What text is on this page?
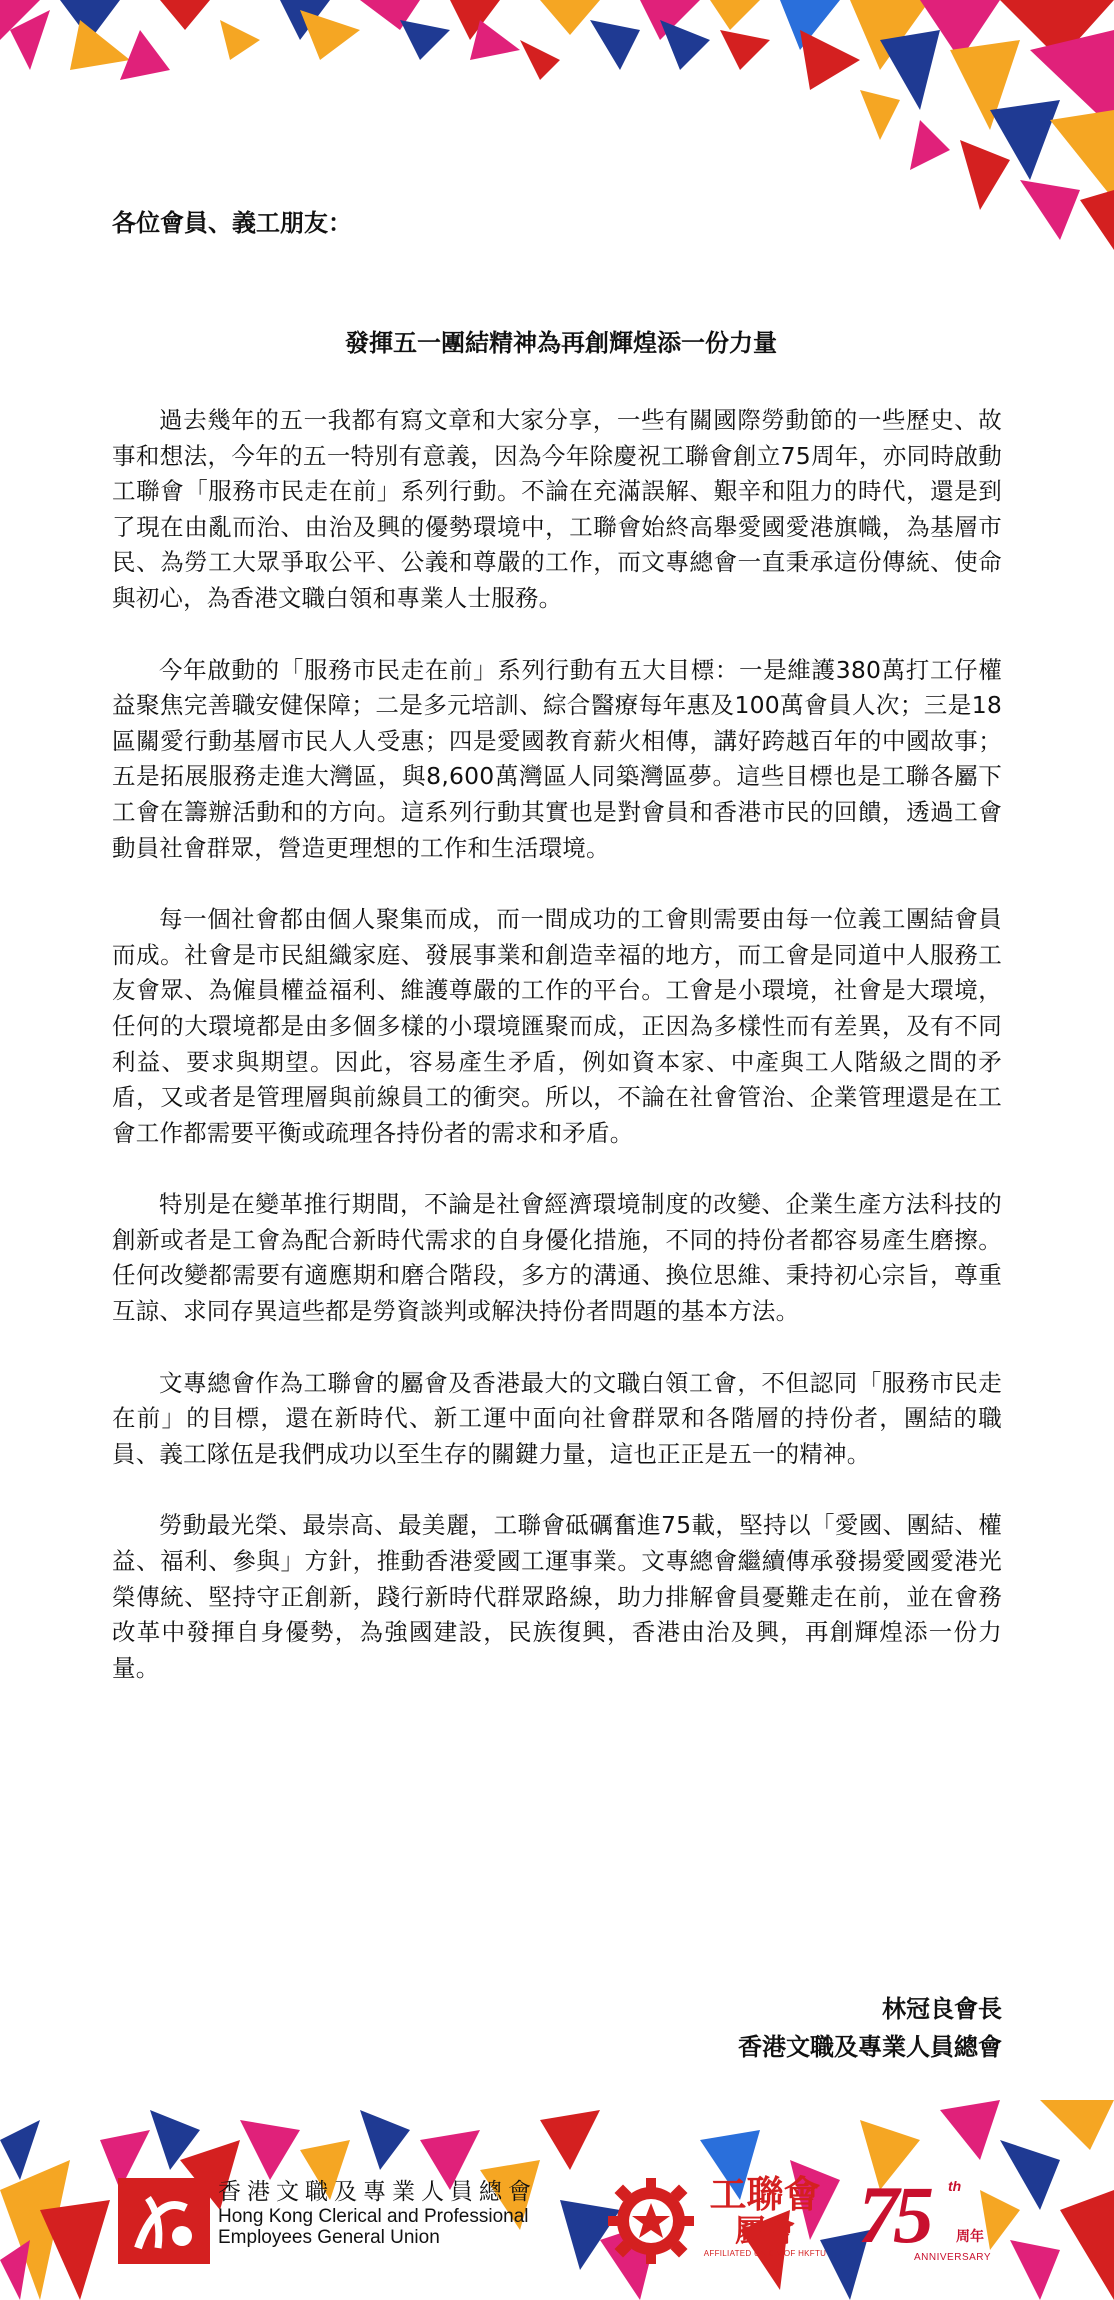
各位會員、義工朋友：

發揮五一團結精神為再創輝煌添一份力量

過去幾年的五一我都有寫文章和大家分享，一些有關國際勞動節的一些歷史、故事和想法，今年的五一特別有意義，因為今年除慶祝工聯會創立75周年，亦同時啟動工聯會「服務市民走在前」系列行動。不論在充滿誤解、艱辛和阻力的時代，還是到了現在由亂而治、由治及興的優勢環境中，工聯會始終高舉愛國愛港旗幟，為基層市民、為勞工大眾爭取公平、公義和尊嚴的工作，而文專總會一直秉承這份傳統、使命與初心，為香港文職白領和專業人士服務。

今年啟動的「服務市民走在前」系列行動有五大目標：一是維護380萬打工仔權益聚焦完善職安健保障；二是多元培訓、綜合醫療每年惠及100萬會員人次；三是18區關愛行動基層市民人人受惠；四是愛國教育薪火相傳，講好跨越百年的中國故事；五是拓展服務走進大灣區，與8,600萬灣區人同築灣區夢。這些目標也是工聯各屬下工會在籌辦活動和的方向。這系列行動其實也是對會員和香港市民的回饋，透過工會動員社會群眾，營造更理想的工作和生活環境。

每一個社會都由個人聚集而成，而一間成功的工會則需要由每一位義工團結會員而成。社會是市民組織家庭、發展事業和創造幸福的地方，而工會是同道中人服務工友會眾、為僱員權益福利、維護尊嚴的工作的平台。工會是小環境，社會是大環境，任何的大環境都是由多個多樣的小環境匯聚而成，正因為多樣性而有差異，及有不同利益、要求與期望。因此，容易產生矛盾，例如資本家、中產與工人階級之間的矛盾，又或者是管理層與前線員工的衝突。所以，不論在社會管治、企業管理還是在工會工作都需要平衡或疏理各持份者的需求和矛盾。

特別是在變革推行期間，不論是社會經濟環境制度的改變、企業生產方法科技的創新或者是工會為配合新時代需求的自身優化措施，不同的持份者都容易產生磨擦。任何改變都需要有適應期和磨合階段，多方的溝通、換位思維、秉持初心宗旨，尊重互諒、求同存異這些都是勞資談判或解決持份者問題的基本方法。

文專總會作為工聯會的屬會及香港最大的文職白領工會，不但認同「服務市民走在前」的目標，還在新時代、新工運中面向社會群眾和各階層的持份者，團結的職員、義工隊伍是我們成功以至生存的關鍵力量，這也正正是五一的精神。

勞動最光榮、最崇高、最美麗，工聯會砥礪奮進75載，堅持以「愛國、團結、權益、福利、參與」方針，推動香港愛國工運事業。文專總會繼續傳承發揚愛國愛港光榮傳統、堅持守正創新，踐行新時代群眾路線，助力排解會員憂難走在前，並在會務改革中發揮自身優勢，為強國建設，民族復興，香港由治及興，再創輝煌添一份力量。

林冠良會長

香港文職及專業人員總會

香港文職及專業人員總會
Hong Kong Clerical and Professional
Employees General Union
工聯會
屬會
AFFILIATED UNION OF HKFTU 75 th
周年
ANNIVERSARY
